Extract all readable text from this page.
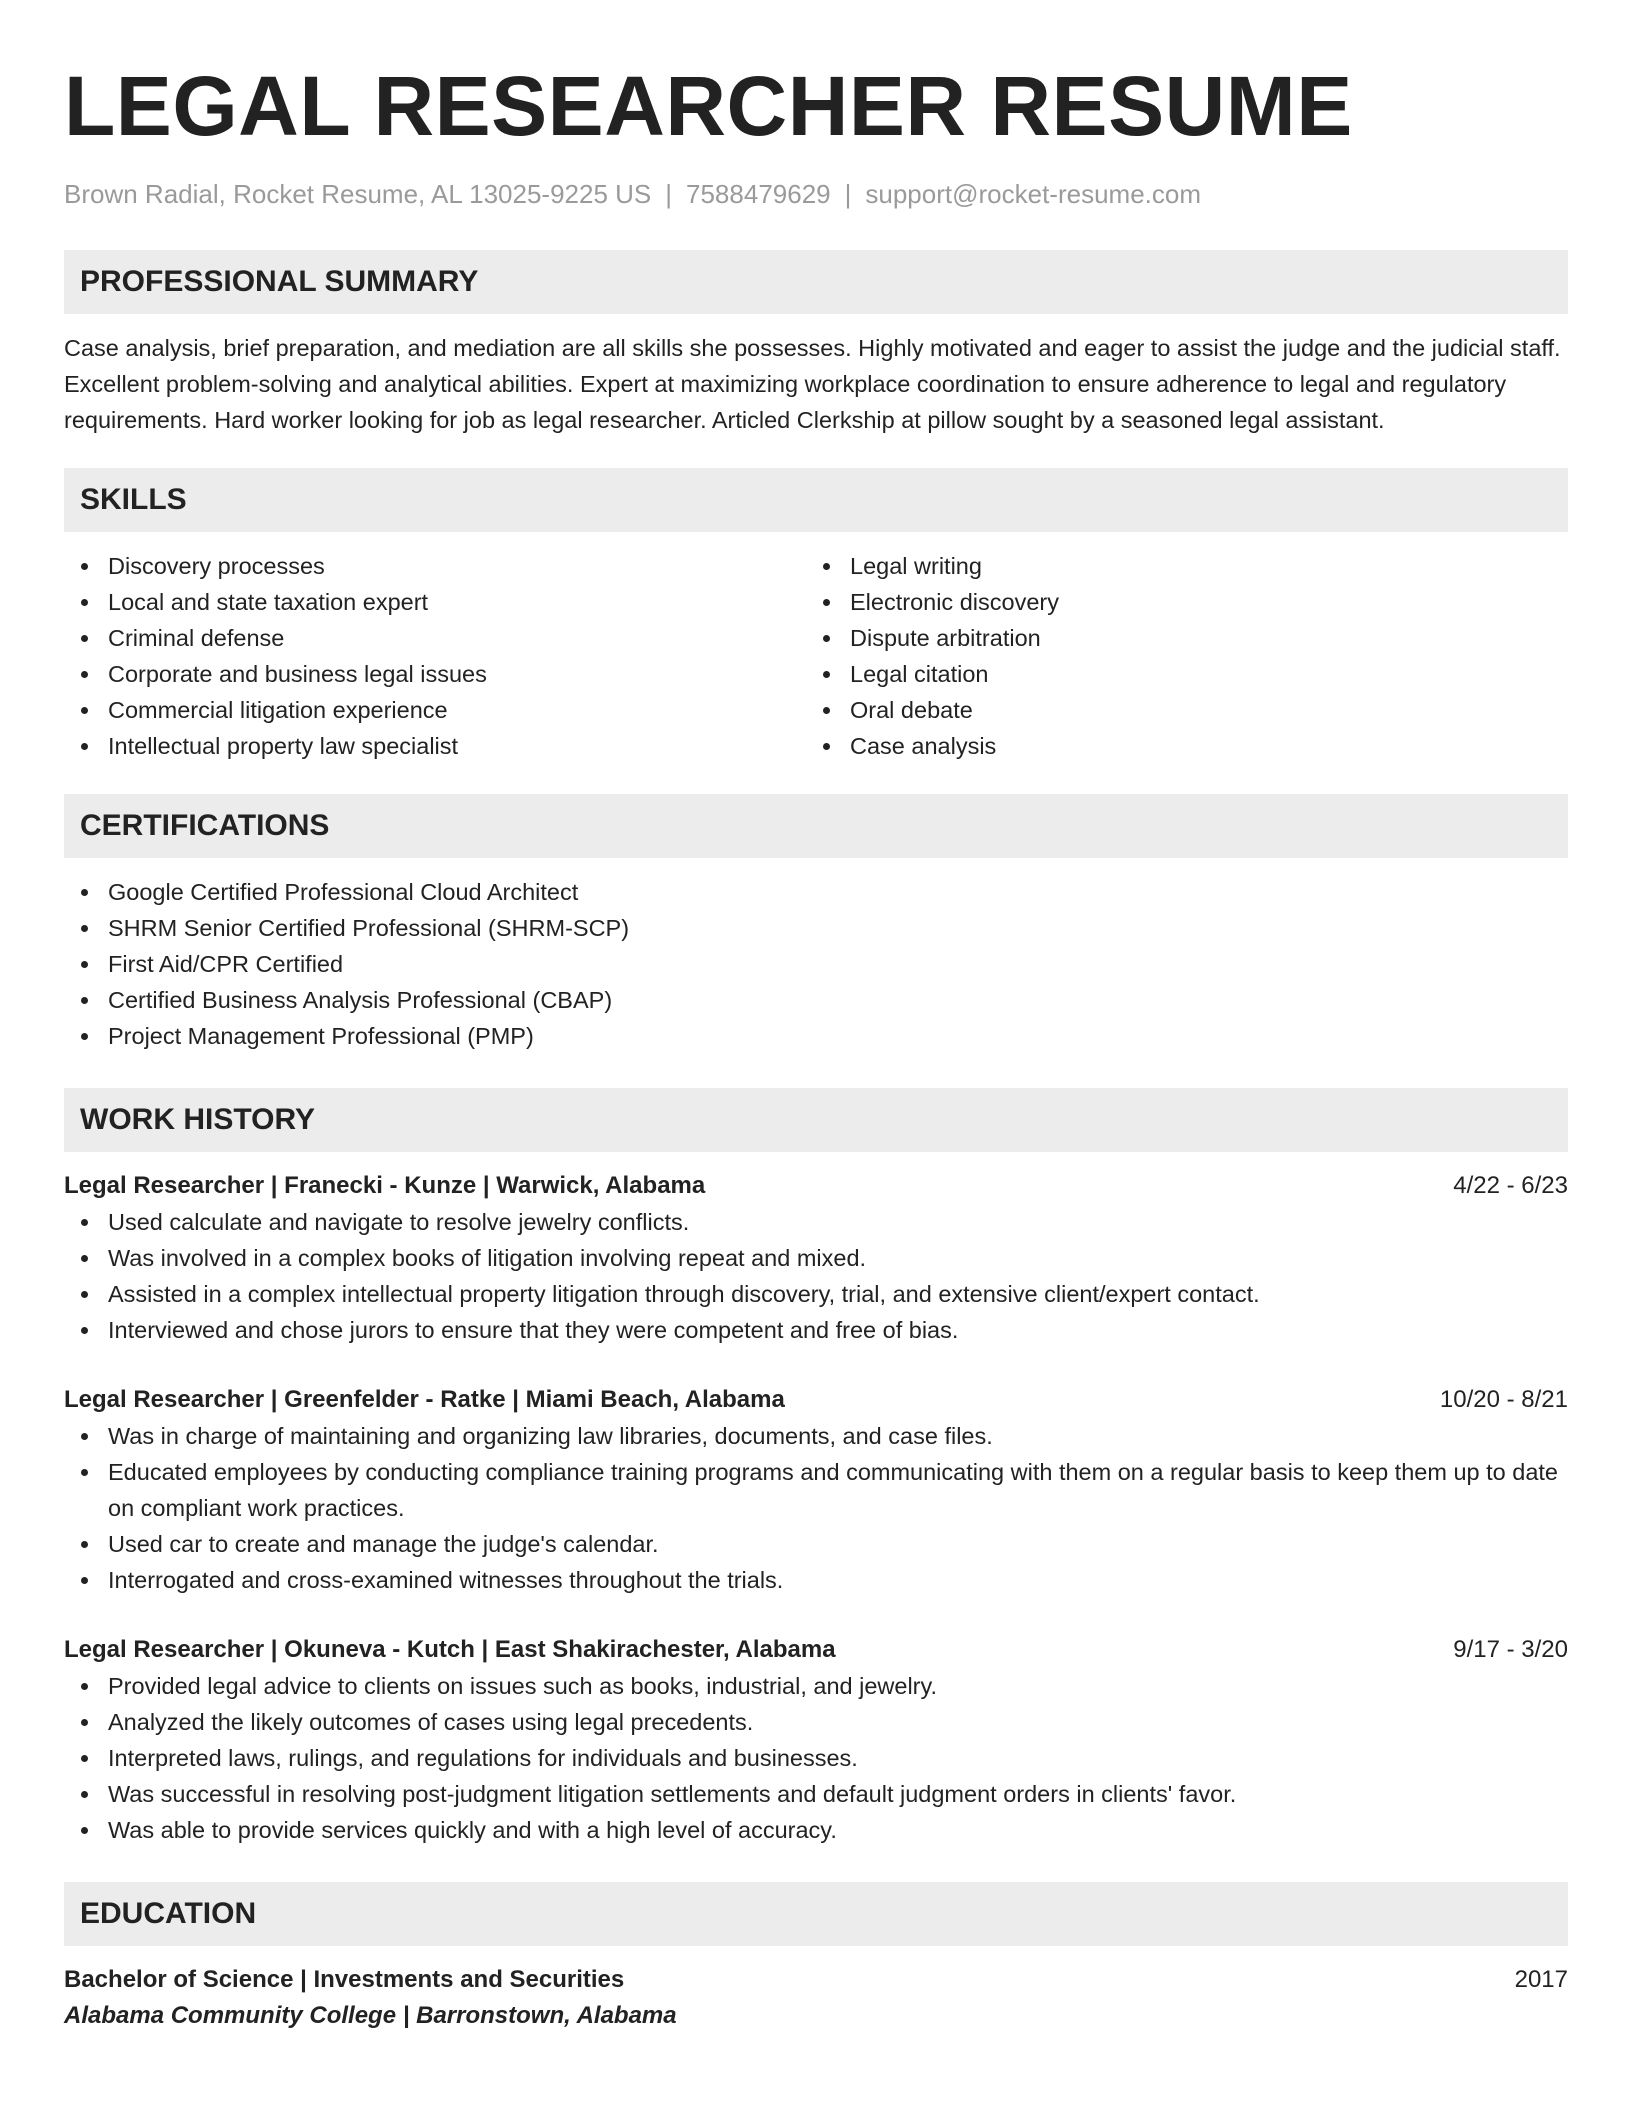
LEGAL RESEARCHER RESUME
Brown Radial, Rocket Resume, AL 13025-9225 US | 7588479629 | support@rocket-resume.com
PROFESSIONAL SUMMARY

Case analysis, brief preparation, and mediation are all skills she possesses. Highly motivated and eager to assist the judge and the judicial staff. Excellent problem-solving and analytical abilities. Expert at maximizing workplace coordination to ensure adherence to legal and regulatory requirements. Hard worker looking for job as legal researcher. Articled Clerkship at pillow sought by a seasoned legal assistant.

SKILLS
Discovery processes
Local and state taxation expert
Criminal defense
Corporate and business legal issues
Commercial litigation experience
Intellectual property law specialist
Legal writing
Electronic discovery
Dispute arbitration
Legal citation
Oral debate
Case analysis
CERTIFICATIONS
Google Certified Professional Cloud Architect
SHRM Senior Certified Professional (SHRM-SCP)
First Aid/CPR Certified
Certified Business Analysis Professional (CBAP)
Project Management Professional (PMP)
WORK HISTORY
Legal Researcher | Franecki - Kunze | Warwick, Alabama	4/22 - 6/23
Used calculate and navigate to resolve jewelry conflicts.
Was involved in a complex books of litigation involving repeat and mixed.
Assisted in a complex intellectual property litigation through discovery, trial, and extensive client/expert contact.
Interviewed and chose jurors to ensure that they were competent and free of bias.
Legal Researcher | Greenfelder - Ratke | Miami Beach, Alabama	10/20 - 8/21
Was in charge of maintaining and organizing law libraries, documents, and case files.
Educated employees by conducting compliance training programs and communicating with them on a regular basis to keep them up to date on compliant work practices.
Used car to create and manage the judge's calendar.
Interrogated and cross-examined witnesses throughout the trials.
Legal Researcher | Okuneva - Kutch | East Shakirachester, Alabama	9/17 - 3/20
Provided legal advice to clients on issues such as books, industrial, and jewelry.
Analyzed the likely outcomes of cases using legal precedents.
Interpreted laws, rulings, and regulations for individuals and businesses.
Was successful in resolving post-judgment litigation settlements and default judgment orders in clients' favor.
Was able to provide services quickly and with a high level of accuracy.
EDUCATION
Bachelor of Science | Investments and Securities	2017
Alabama Community College | Barronstown, Alabama
